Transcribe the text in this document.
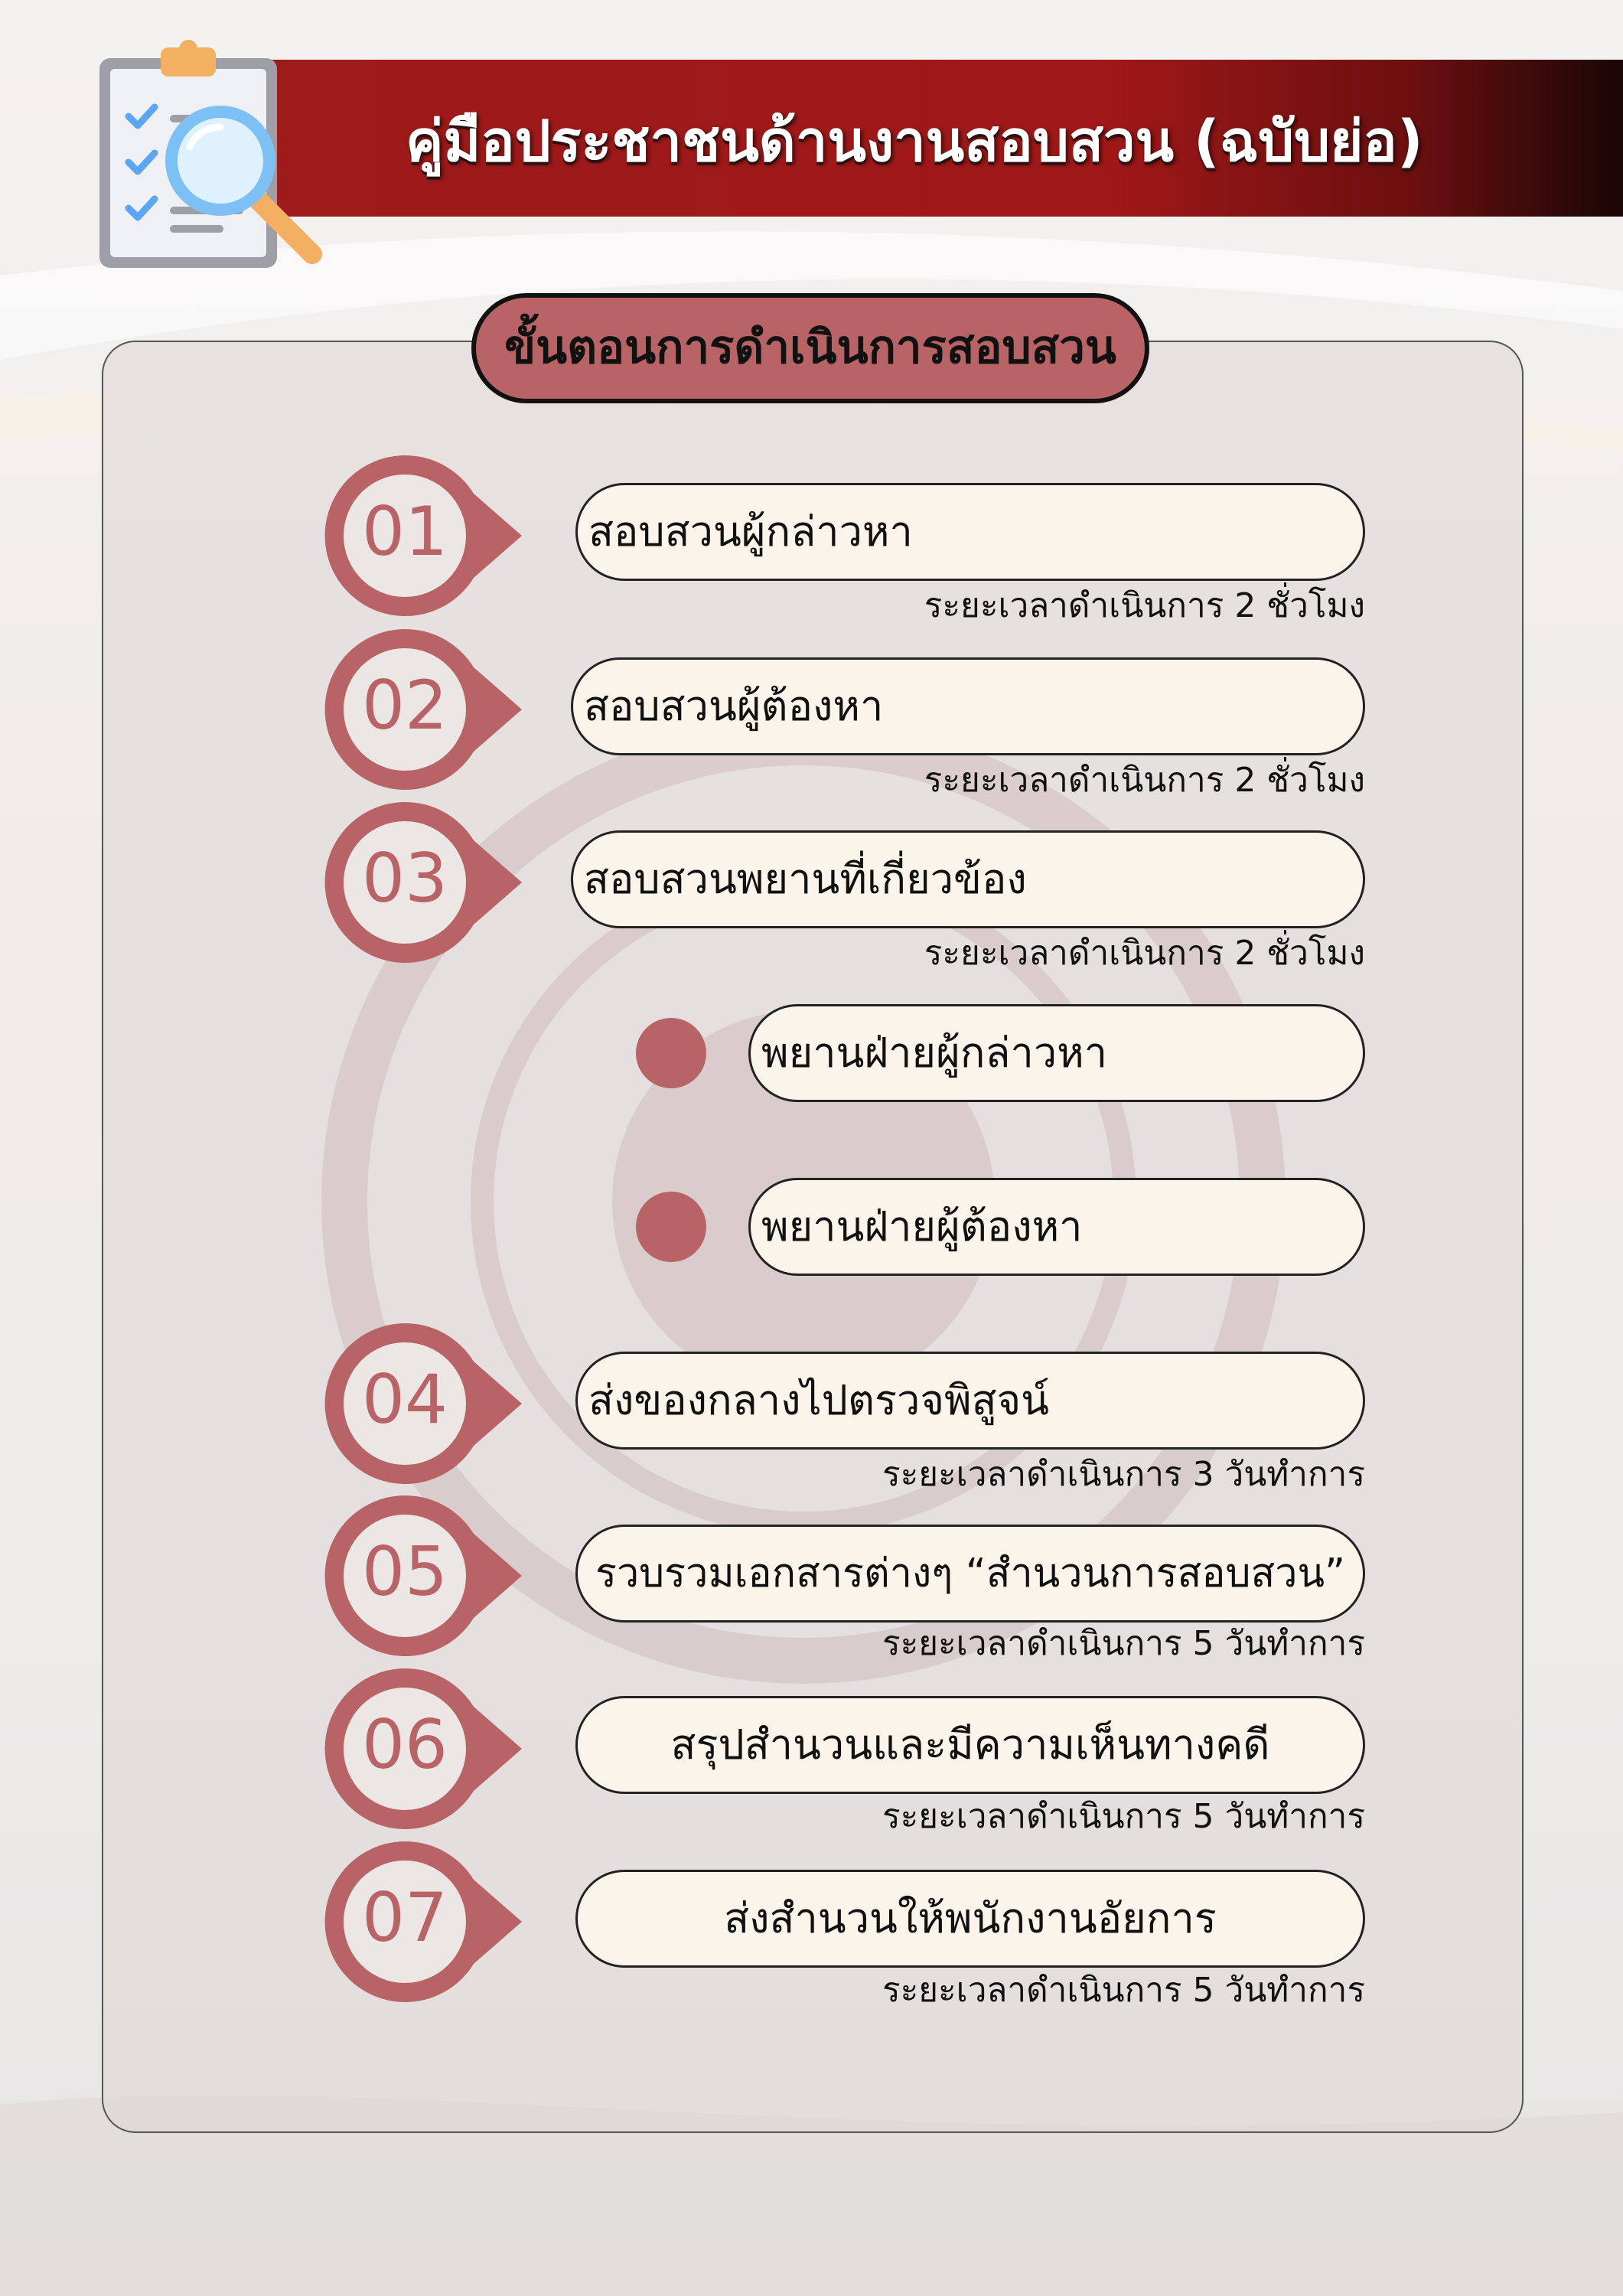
คู่มือประชาชนด้านงานสอบสวน (ฉบับย่อ)
ขั้นตอนการดำเนินการสอบสวน
01	สอบสวนผู้กล่าวหา
ระยะเวลาดำเนินการ 2 ชั่วโมง
02	สอบสวนผู้ต้องหา
ระยะเวลาดำเนินการ 2 ชั่วโมง
03	สอบสวนพยานที่เกี่ยวข้อง
ระยะเวลาดำเนินการ 2 ชั่วโมง
พยานฝ่ายผู้กล่าวหา
พยานฝ่ายผู้ต้องหา
04	ส่งของกลางไปตรวจพิสูจน์
ระยะเวลาดำเนินการ 3 วันทำการ
05	รวบรวมเอกสารต่างๆ “สำนวนการสอบสวน”
ระยะเวลาดำเนินการ 5 วันทำการ
06	สรุปสำนวนและมีความเห็นทางคดี
ระยะเวลาดำเนินการ 5 วันทำการ
07	ส่งสำนวนให้พนักงานอัยการ
ระยะเวลาดำเนินการ 5 วันทำการ
